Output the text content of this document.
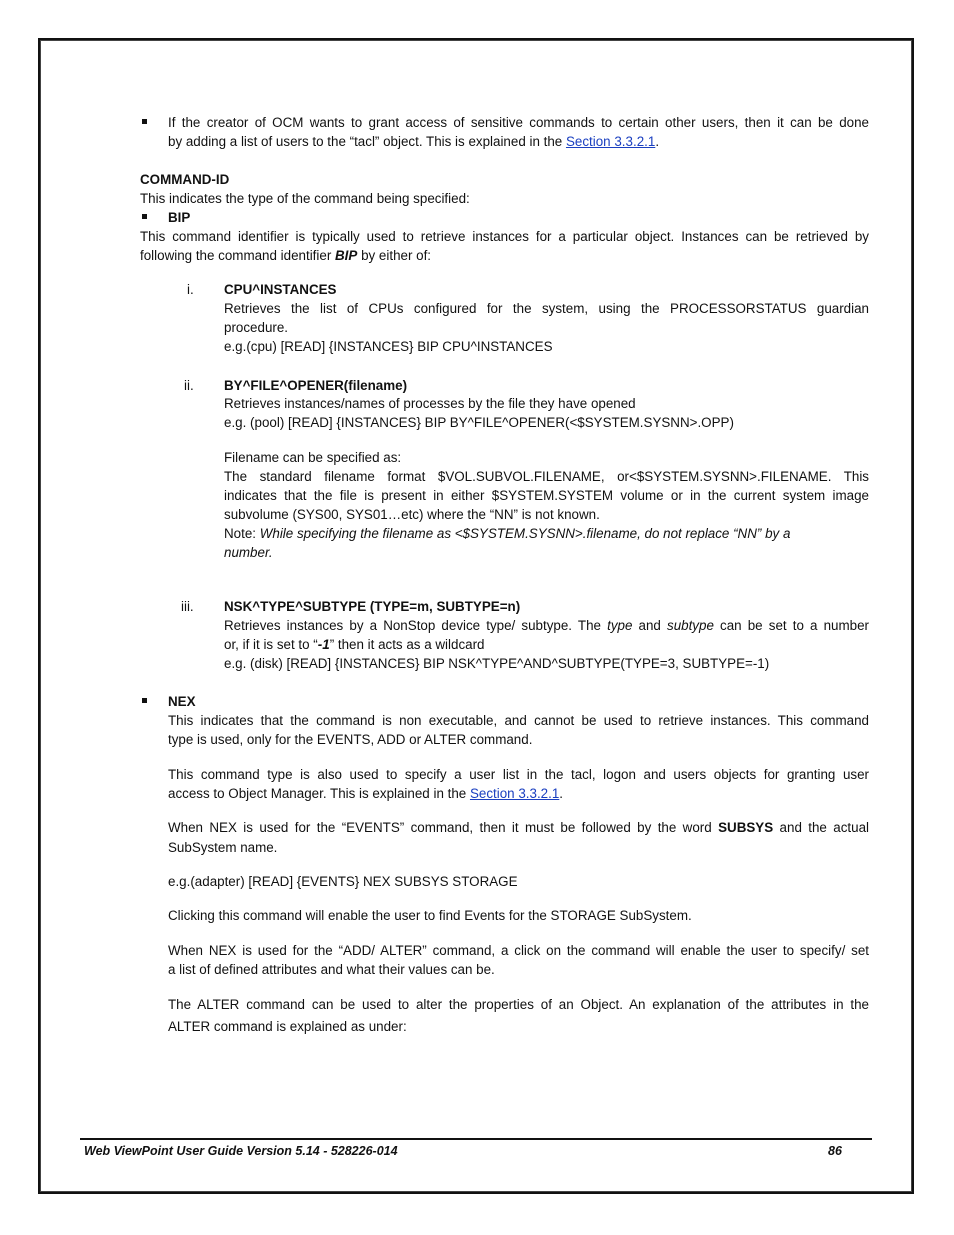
If the creator of OCM wants to grant access of sensitive commands to certain other users, then it can be done
by adding a list of users to the “tacl” object. This is explained in the Section 3.3.2.1.
COMMAND-ID
This indicates the type of the command being specified:
BIP
This command identifier is typically used to retrieve instances for a particular object. Instances can be retrieved by
following the command identifier BIP by either of:
i. CPU^INSTANCES
Retrieves the list of CPUs configured for the system, using the PROCESSORSTATUS guardian
procedure.
e.g.(cpu) [READ] {INSTANCES} BIP CPU^INSTANCES
ii. BY^FILE^OPENER(filename)
Retrieves instances/names of processes by the file they have opened
e.g. (pool) [READ] {INSTANCES} BIP BY^FILE^OPENER(<$SYSTEM.SYSNN>.OPP)
Filename can be specified as:
The standard filename format $VOL.SUBVOL.FILENAME, or<$SYSTEM.SYSNN>.FILENAME. This
indicates that the file is present in either $SYSTEM.SYSTEM volume or in the current system image
subvolume (SYS00, SYS01…etc) where the “NN” is not known.
Note: While specifying the filename as <$SYSTEM.SYSNN>.filename, do not replace “NN” by a
number.
iii. NSK^TYPE^SUBTYPE (TYPE=m, SUBTYPE=n)
Retrieves instances by a NonStop device type/ subtype. The type and subtype can be set to a number
or, if it is set to “-1” then it acts as a wildcard
e.g. (disk) [READ] {INSTANCES} BIP NSK^TYPE^AND^SUBTYPE(TYPE=3, SUBTYPE=-1)
NEX
This indicates that the command is non executable, and cannot be used to retrieve instances. This command
type is used, only for the EVENTS, ADD or ALTER command.
This command type is also used to specify a user list in the tacl, logon and users objects for granting user
access to Object Manager. This is explained in the Section 3.3.2.1.
When NEX is used for the “EVENTS” command, then it must be followed by the word SUBSYS and the actual
SubSystem name.
e.g.(adapter) [READ] {EVENTS} NEX SUBSYS STORAGE
Clicking this command will enable the user to find Events for the STORAGE SubSystem.
When NEX is used for the “ADD/ ALTER” command, a click on the command will enable the user to specify/ set
a list of defined attributes and what their values can be.
The ALTER command can be used to alter the properties of an Object. An explanation of the attributes in the
ALTER command is explained as under:
Web ViewPoint User Guide Version 5.14 - 528226-014	86
